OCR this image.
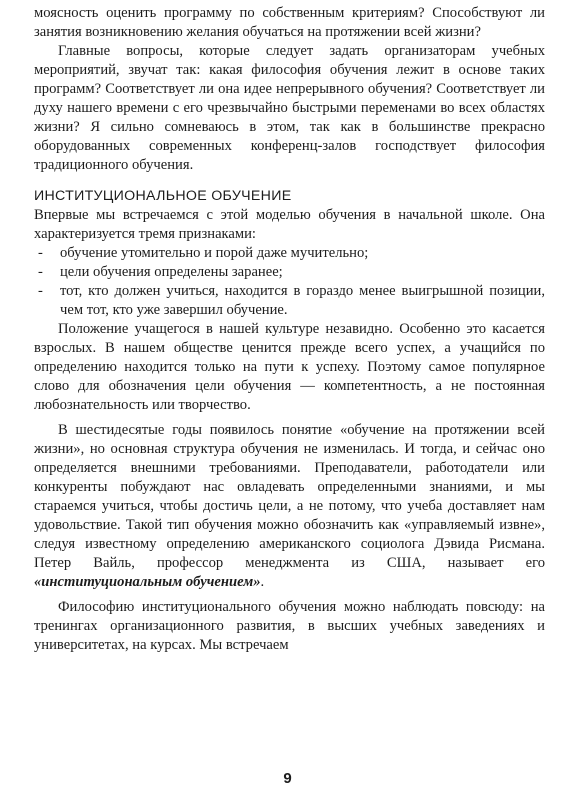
моясность оценить программу по собственным критериям? Способствуют ли занятия возникновению желания обучаться на протяжении всей жизни?

Главные вопросы, которые следует задать организаторам учебных мероприятий, звучат так: какая философия обучения лежит в основе таких программ? Соответствует ли она идее непрерывного обучения? Соответствует ли духу нашего времени с его чрезвычайно быстрыми переменами во всех областях жизни? Я сильно сомневаюсь в этом, так как в большинстве прекрасно оборудованных современных конференц-залов господствует философия традиционного обучения.

ИНСТИТУЦИОНАЛЬНОЕ ОБУЧЕНИЕ

Впервые мы встречаемся с этой моделью обучения в начальной школе. Она характеризуется тремя признаками:

- обучение утомительно и порой даже мучительно;
- цели обучения определены заранее;
- тот, кто должен учиться, находится в гораздо менее выигрышной позиции, чем тот, кто уже завершил обучение.

Положение учащегося в нашей культуре незавидно. Особенно это касается взрослых. В нашем обществе ценится прежде всего успех, а учащийся по определению находится только на пути к успеху. Поэтому самое популярное слово для обозначения цели обучения — компетентность, а не постоянная любознательность или творчество.

В шестидесятые годы появилось понятие «обучение на протяжении всей жизни», но основная структура обучения не изменилась. И тогда, и сейчас оно определяется внешними требованиями. Преподаватели, работодатели или конкуренты побуждают нас овладевать определенными знаниями, и мы стараемся учиться, чтобы достичь цели, а не потому, что учеба доставляет нам удовольствие. Такой тип обучения можно обозначить как «управляемый извне», следуя известному определению американского социолога Дэвида Рисмана. Петер Вайль, профессор менеджмента из США, называет его «институциональным обучением».

Философию институционального обучения можно наблюдать повсюду: на тренингах организационного развития, в высших учебных заведениях и университетах, на курсах. Мы встречаем

9
